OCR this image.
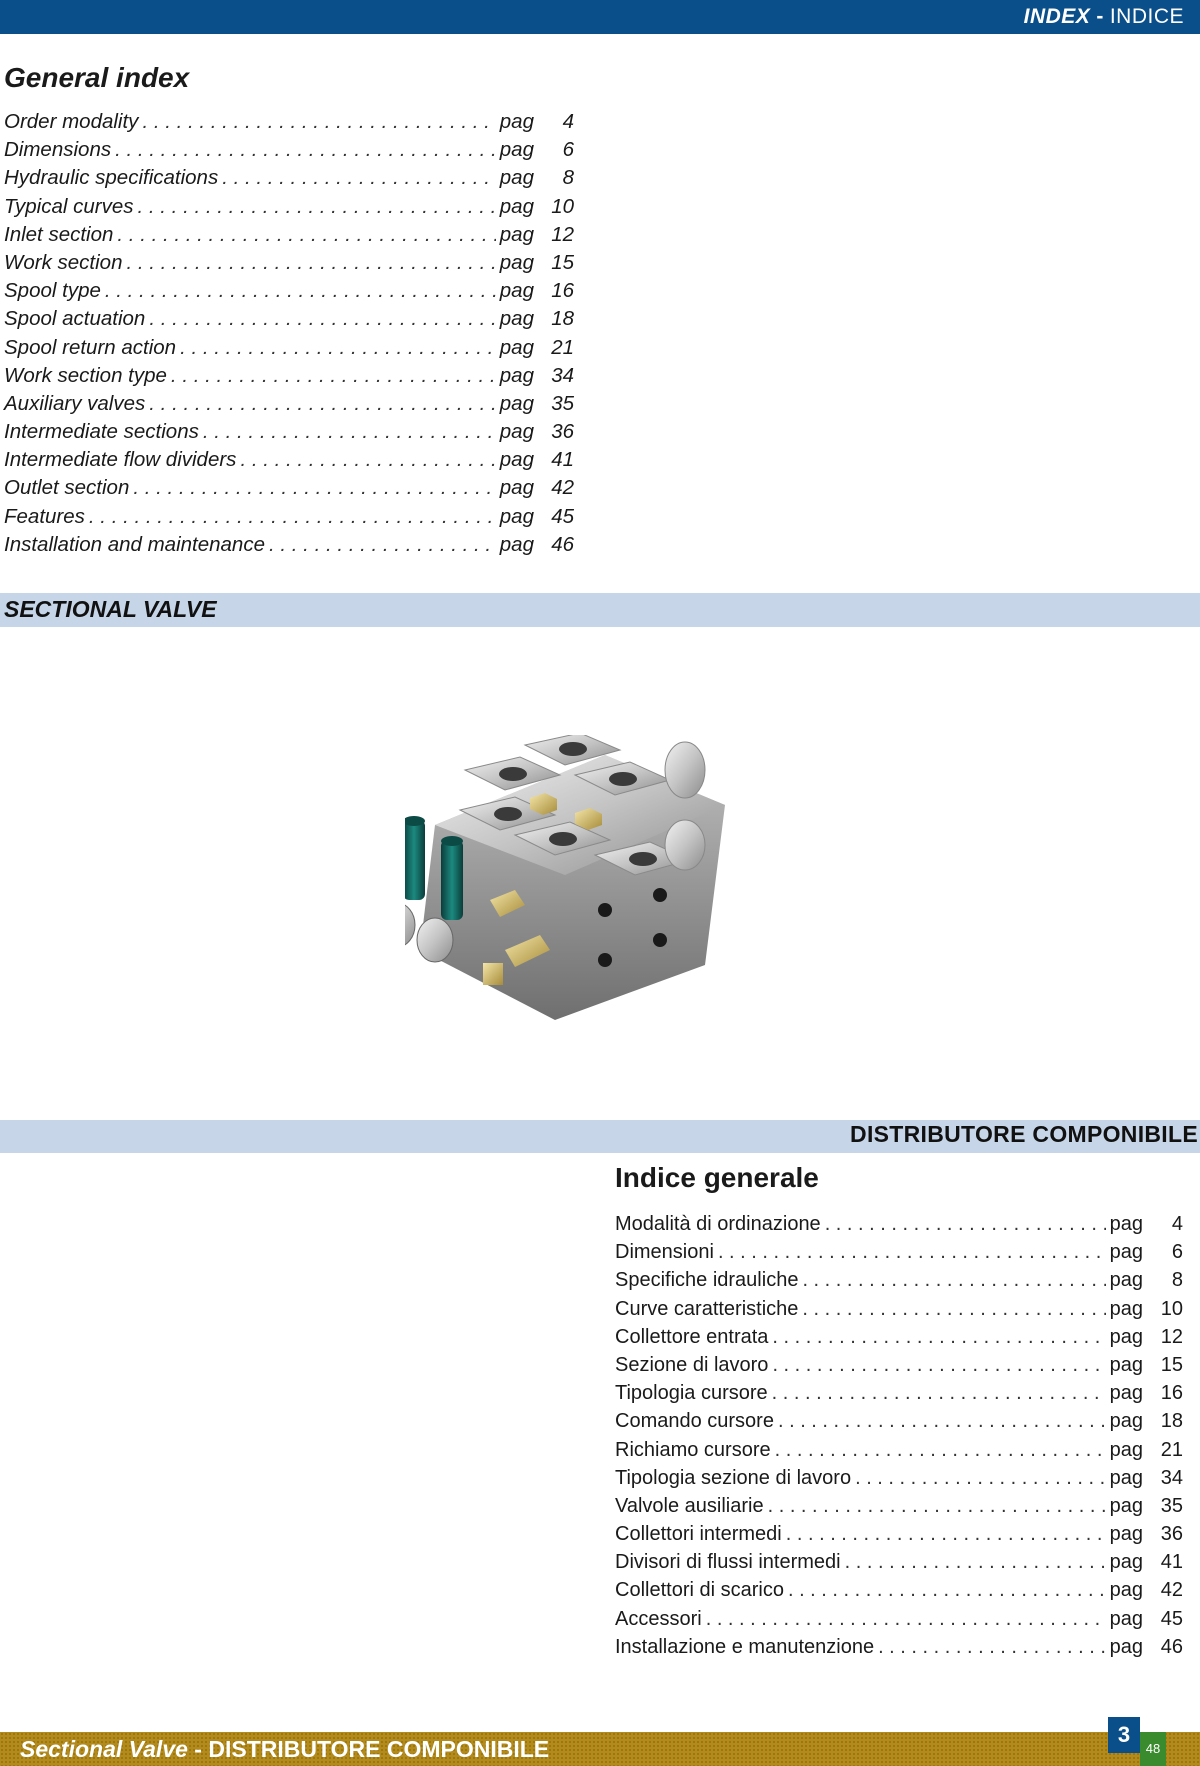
INDEX - INDICE
General index
Order modality . . .	pag	4
Dimensions . . .	pag	6
Hydraulic specifications . . .	pag	8
Typical curves . . .	pag 10
Inlet section . . .	pag 12
Work section . . .	pag 15
Spool type . . .	pag 16
Spool actuation . . .	pag 18
Spool return action . . .	pag 21
Work section type . . .	pag 34
Auxiliary valves . . .	pag 35
Intermediate sections . . .	pag 36
Intermediate flow dividers . . .	pag 41
Outlet section . . .	pag 42
Features . . .	pag 45
Installation and maintenance . . .	pag 46
SECTIONAL VALVE
DISTRIBUTORE COMPONIBILE
Indice generale
Modalità di ordinazione . . .	pag	4
Dimensioni . . .	pag	6
Specifiche idrauliche . . .	pag	8
Curve caratteristiche . . .	pag 10
Collettore entrata . . .	pag 12
Sezione di lavoro . . .	pag 15
Tipologia cursore . . .	pag 16
Comando cursore . . .	pag 18
Richiamo cursore . . .	pag 21
Tipologia sezione di lavoro . . .	pag 34
Valvole ausiliarie . . .	pag 35
Collettori intermedi . . .	pag 36
Divisori di flussi intermedi . . .	pag 41
Collettori di scarico . . .	pag 42
Accessori . . .	pag 45
Installazione e manutenzione . . .	pag 46
Sectional Valve - DISTRIBUTORE COMPONIBILE
3
48
